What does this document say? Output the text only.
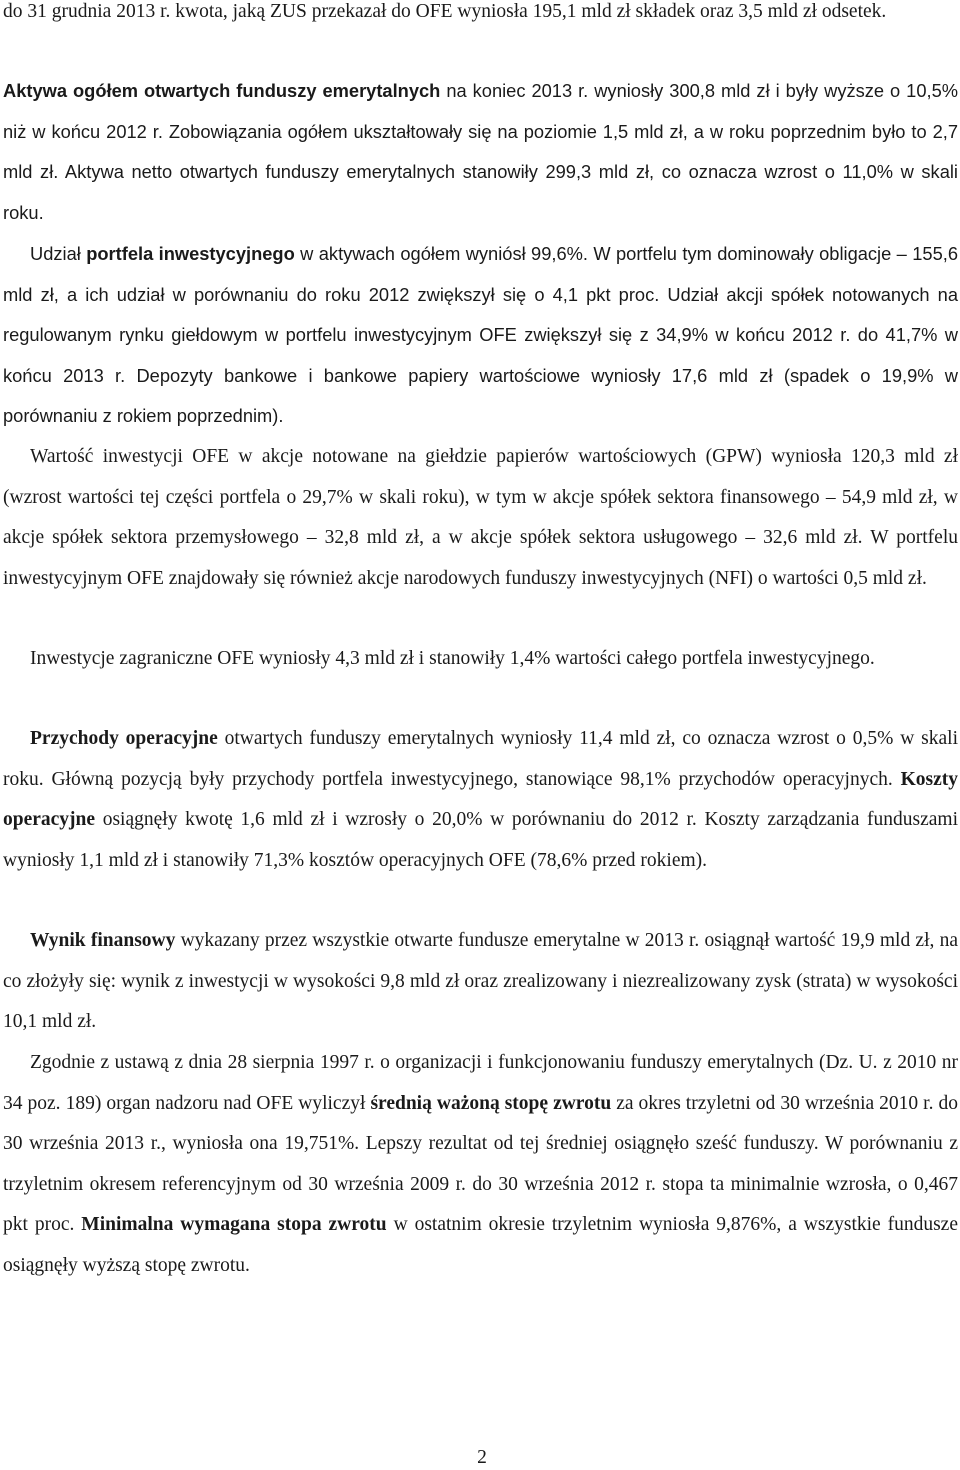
do 31 grudnia 2013 r. kwota, jaką ZUS przekazał do OFE wyniosła 195,1 mld zł składek oraz 3,5 mld zł odsetek.

Aktywa ogółem otwartych funduszy emerytalnych na koniec 2013 r. wyniosły 300,8 mld zł i były wyższe o 10,5% niż w końcu 2012 r. Zobowiązania ogółem ukształtowały się na poziomie 1,5 mld zł, a w roku poprzednim było to 2,7 mld zł. Aktywa netto otwartych funduszy emerytalnych stanowiły 299,3 mld zł, co oznacza wzrost o 11,0% w skali roku.

Udział portfela inwestycyjnego w aktywach ogółem wyniósł 99,6%. W portfelu tym dominowały obligacje – 155,6 mld zł, a ich udział w porównaniu do roku 2012 zwiększył się o 4,1 pkt proc. Udział akcji spółek notowanych na regulowanym rynku giełdowym w portfelu inwestycyjnym OFE zwiększył się z 34,9% w końcu 2012 r. do 41,7% w końcu 2013 r. Depozyty bankowe i bankowe papiery wartościowe wyniosły 17,6 mld zł (spadek o 19,9% w porównaniu z rokiem poprzednim).

Wartość inwestycji OFE w akcje notowane na giełdzie papierów wartościowych (GPW) wyniosła 120,3 mld zł (wzrost wartości tej części portfela o 29,7% w skali roku), w tym w akcje spółek sektora finansowego – 54,9 mld zł, w akcje spółek sektora przemysłowego – 32,8 mld zł, a w akcje spółek sektora usługowego – 32,6 mld zł. W portfelu inwestycyjnym OFE znajdowały się również akcje narodowych funduszy inwestycyjnych (NFI) o wartości 0,5 mld zł.

Inwestycje zagraniczne OFE wyniosły 4,3 mld zł i stanowiły 1,4% wartości całego portfela inwestycyjnego.

Przychody operacyjne otwartych funduszy emerytalnych wyniosły 11,4 mld zł, co oznacza wzrost o 0,5% w skali roku. Główną pozycją były przychody portfela inwestycyjnego, stanowiące 98,1% przychodów operacyjnych. Koszty operacyjne osiągnęły kwotę 1,6 mld zł i wzrosły o 20,0% w porównaniu do 2012 r. Koszty zarządzania funduszami wyniosły 1,1 mld zł i stanowiły 71,3% kosztów operacyjnych OFE (78,6% przed rokiem).

Wynik finansowy wykazany przez wszystkie otwarte fundusze emerytalne w 2013 r. osiągnął wartość 19,9 mld zł, na co złożyły się: wynik z inwestycji w wysokości 9,8 mld zł oraz zrealizowany i niezrealizowany zysk (strata) w wysokości 10,1 mld zł.

Zgodnie z ustawą z dnia 28 sierpnia 1997 r. o organizacji i funkcjonowaniu funduszy emerytalnych (Dz. U. z 2010 nr 34 poz. 189) organ nadzoru nad OFE wyliczył średnią ważoną stopę zwrotu za okres trzyletni od 30 września 2010 r. do 30 września 2013 r., wyniosła ona 19,751%. Lepszy rezultat od tej średniej osiągnęło sześć funduszy. W porównaniu z trzyletnim okresem referencyjnym od 30 września 2009 r. do 30 września 2012 r. stopa ta minimalnie wzrosła, o 0,467 pkt proc. Minimalna wymagana stopa zwrotu w ostatnim okresie trzyletnim wyniosła 9,876%, a wszystkie fundusze osiągnęły wyższą stopę zwrotu.

2
